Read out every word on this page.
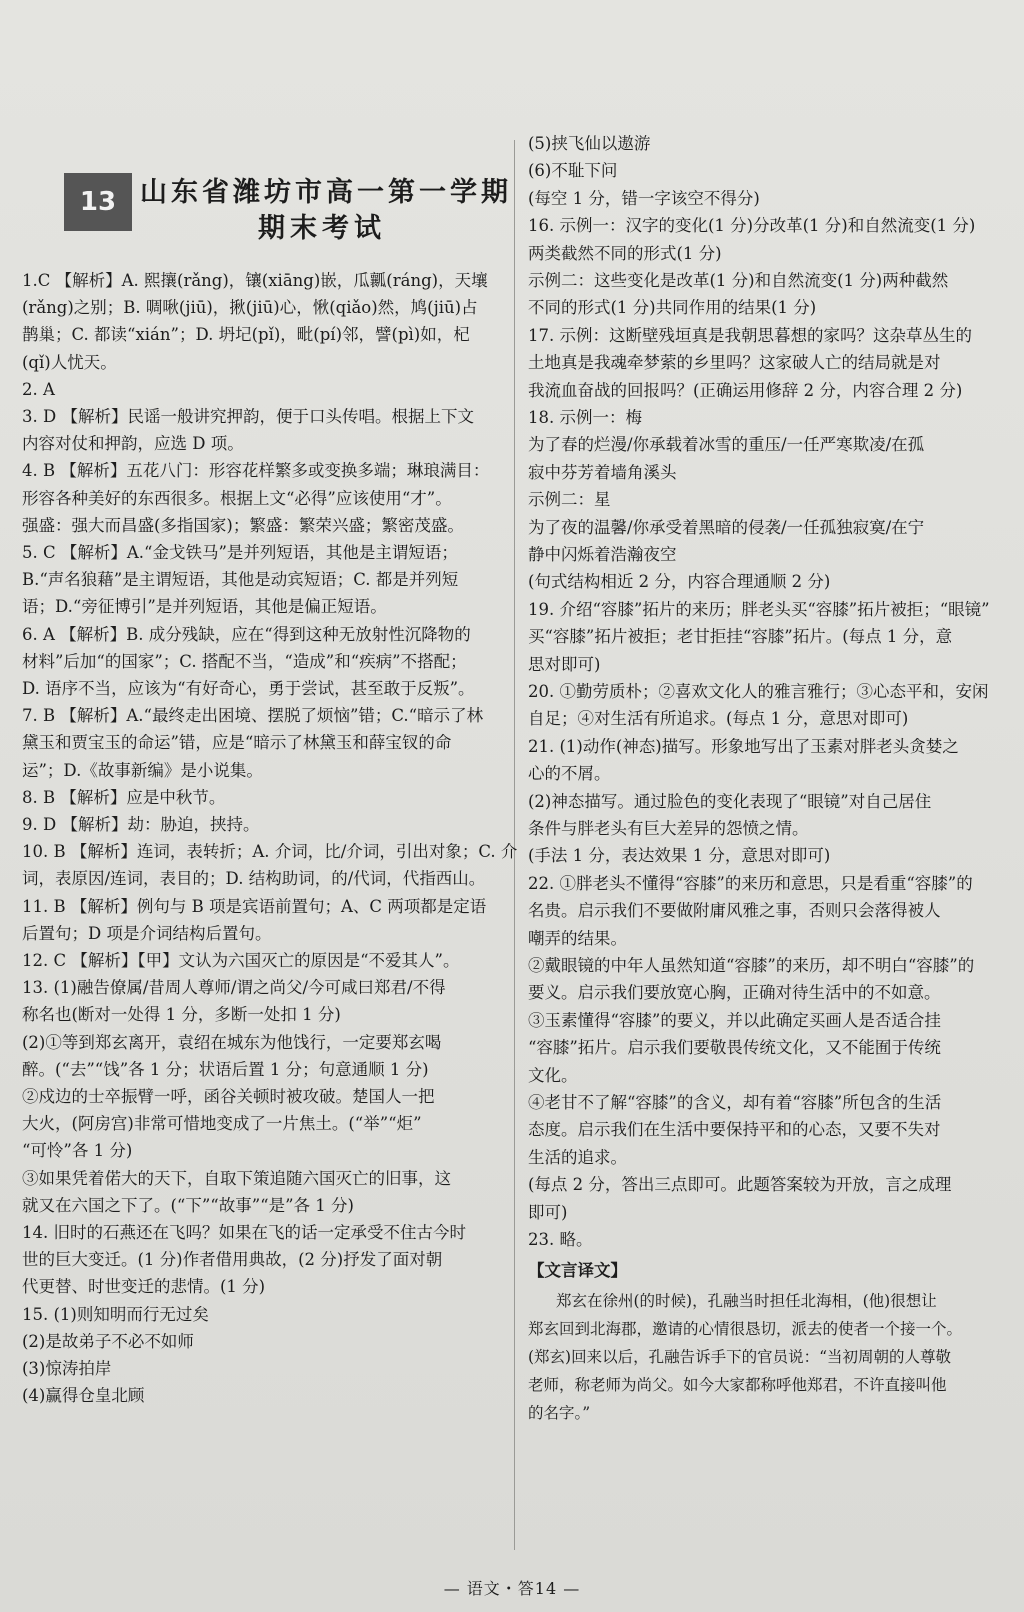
13 山东省潍坊市高一第一学期
期末考试
1.C 【解析】A. 熙攘(rǎng)，镶(xiāng)嵌，瓜瓤(ráng)，天壤
(rǎng)之别；B. 啁啾(jiū)，揪(jiū)心，愀(qiǎo)然，鸠(jiū)占
鹊巢；C. 都读“xián”；D. 坍圮(pǐ)，毗(pí)邻，譬(pì)如，杞
(qǐ)人忧天。
2. A
3. D 【解析】民谣一般讲究押韵，便于口头传唱。根据上下文
内容对仗和押韵，应选 D 项。
4. B 【解析】五花八门：形容花样繁多或变换多端；琳琅满目：
形容各种美好的东西很多。根据上文“必得”应该使用“才”。
强盛：强大而昌盛(多指国家)；繁盛：繁荣兴盛；繁密茂盛。
5. C 【解析】A.“金戈铁马”是并列短语，其他是主谓短语；
B.“声名狼藉”是主谓短语，其他是动宾短语；C. 都是并列短
语；D.“旁征博引”是并列短语，其他是偏正短语。
6. A 【解析】B. 成分残缺，应在“得到这种无放射性沉降物的
材料”后加“的国家”；C. 搭配不当，“造成”和“疾病”不搭配；
D. 语序不当，应该为“有好奇心，勇于尝试，甚至敢于反叛”。
7. B 【解析】A.“最终走出困境、摆脱了烦恼”错；C.“暗示了林
黛玉和贾宝玉的命运”错，应是“暗示了林黛玉和薛宝钗的命
运”；D.《故事新编》是小说集。
8. B 【解析】应是中秋节。
9. D 【解析】劫：胁迫，挟持。
10. B 【解析】连词，表转折；A. 介词，比/介词，引出对象；C. 介
词，表原因/连词，表目的；D. 结构助词，的/代词，代指西山。
11. B 【解析】例句与 B 项是宾语前置句；A、C 两项都是定语
后置句；D 项是介词结构后置句。
12. C 【解析】【甲】文认为六国灭亡的原因是“不爱其人”。
13. (1)融告僚属/昔周人尊师/谓之尚父/今可咸曰郑君/不得
称名也(断对一处得 1 分，多断一处扣 1 分)
(2)①等到郑玄离开，袁绍在城东为他饯行，一定要郑玄喝
醉。(“去”“饯”各 1 分；状语后置 1 分；句意通顺 1 分)
②戍边的士卒振臂一呼，函谷关顿时被攻破。楚国人一把
大火，(阿房宫)非常可惜地变成了一片焦土。(“举”“炬”
“可怜”各 1 分)
③如果凭着偌大的天下，自取下策追随六国灭亡的旧事，这
就又在六国之下了。(“下”“故事”“是”各 1 分)
14. 旧时的石燕还在飞吗？如果在飞的话一定承受不住古今时
世的巨大变迁。(1 分)作者借用典故，(2 分)抒发了面对朝
代更替、时世变迁的悲情。(1 分)
15. (1)则知明而行无过矣
(2)是故弟子不必不如师
(3)惊涛拍岸
(4)赢得仓皇北顾
(5)挟飞仙以遨游
(6)不耻下问
(每空 1 分，错一字该空不得分)
16. 示例一：汉字的变化(1 分)分改革(1 分)和自然流变(1 分)
两类截然不同的形式(1 分)
示例二：这些变化是改革(1 分)和自然流变(1 分)两种截然
不同的形式(1 分)共同作用的结果(1 分)
17. 示例：这断壁残垣真是我朝思暮想的家吗？这杂草丛生的
土地真是我魂牵梦萦的乡里吗？这家破人亡的结局就是对
我流血奋战的回报吗？(正确运用修辞 2 分，内容合理 2 分)
18. 示例一：梅
为了春的烂漫/你承载着冰雪的重压/一任严寒欺凌/在孤
寂中芬芳着墙角溪头
示例二：星
为了夜的温馨/你承受着黑暗的侵袭/一任孤独寂寞/在宁
静中闪烁着浩瀚夜空
(句式结构相近 2 分，内容合理通顺 2 分)
19. 介绍“容膝”拓片的来历；胖老头买“容膝”拓片被拒；“眼镜”
买“容膝”拓片被拒；老甘拒挂“容膝”拓片。(每点 1 分，意
思对即可)
20. ①勤劳质朴；②喜欢文化人的雅言雅行；③心态平和，安闲
自足；④对生活有所追求。(每点 1 分，意思对即可)
21. (1)动作(神态)描写。形象地写出了玉素对胖老头贪婪之
心的不屑。
(2)神态描写。通过脸色的变化表现了“眼镜”对自己居住
条件与胖老头有巨大差异的怨愤之情。
(手法 1 分，表达效果 1 分，意思对即可)
22. ①胖老头不懂得“容膝”的来历和意思，只是看重“容膝”的
名贵。启示我们不要做附庸风雅之事，否则只会落得被人
嘲弄的结果。
②戴眼镜的中年人虽然知道“容膝”的来历，却不明白“容膝”的
要义。启示我们要放宽心胸，正确对待生活中的不如意。
③玉素懂得“容膝”的要义，并以此确定买画人是否适合挂
“容膝”拓片。启示我们要敬畏传统文化，又不能囿于传统
文化。
④老甘不了解“容膝”的含义，却有着“容膝”所包含的生活
态度。启示我们在生活中要保持平和的心态，又要不失对
生活的追求。
(每点 2 分，答出三点即可。此题答案较为开放，言之成理
即可)
23. 略。
【文言译文】
郑玄在徐州(的时候)，孔融当时担任北海相，(他)很想让
郑玄回到北海郡，邀请的心情很恳切，派去的使者一个接一个。
(郑玄)回来以后，孔融告诉手下的官员说：“当初周朝的人尊敬
老师，称老师为尚父。如今大家都称呼他郑君，不许直接叫他
的名字。”
— 语文・答14 —
